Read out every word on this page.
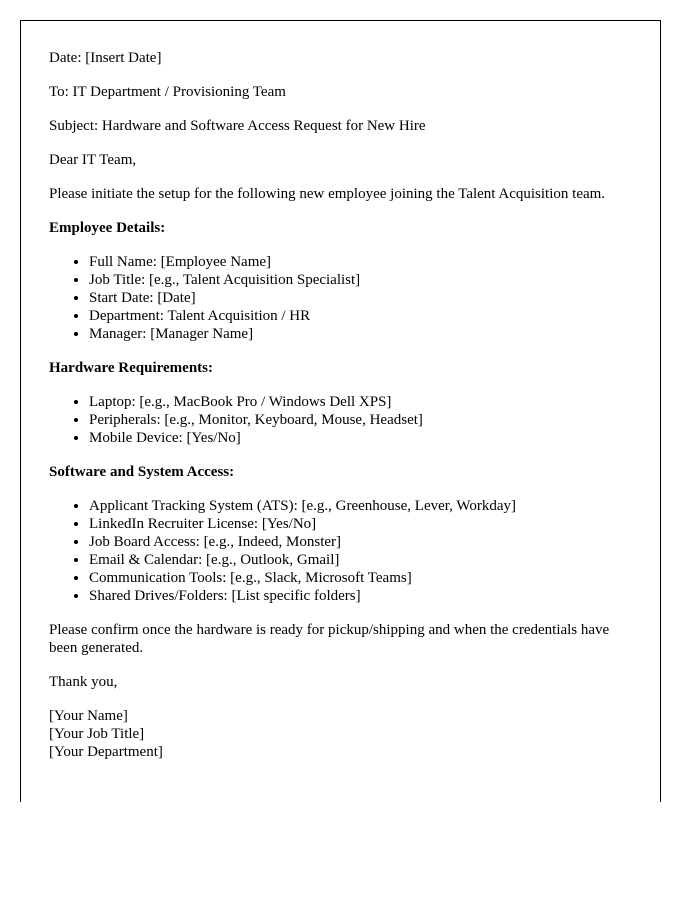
Date: [Insert Date]

To: IT Department / Provisioning Team

Subject: Hardware and Software Access Request for New Hire

Dear IT Team,

Please initiate the setup for the following new employee joining the Talent Acquisition team.

Employee Details:
• Full Name: [Employee Name]
• Job Title: [e.g., Talent Acquisition Specialist]
• Start Date: [Date]
• Department: Talent Acquisition / HR
• Manager: [Manager Name]
Hardware Requirements:
• Laptop: [e.g., MacBook Pro / Windows Dell XPS]
• Peripherals: [e.g., Monitor, Keyboard, Mouse, Headset]
• Mobile Device: [Yes/No]
Software and System Access:
• Applicant Tracking System (ATS): [e.g., Greenhouse, Lever, Workday]
• LinkedIn Recruiter License: [Yes/No]
• Job Board Access: [e.g., Indeed, Monster]
• Email & Calendar: [e.g., Outlook, Gmail]
• Communication Tools: [e.g., Slack, Microsoft Teams]
• Shared Drives/Folders: [List specific folders]

Please confirm once the hardware is ready for pickup/shipping and when the credentials have been generated.

Thank you,

[Your Name]
[Your Job Title]
[Your Department]
